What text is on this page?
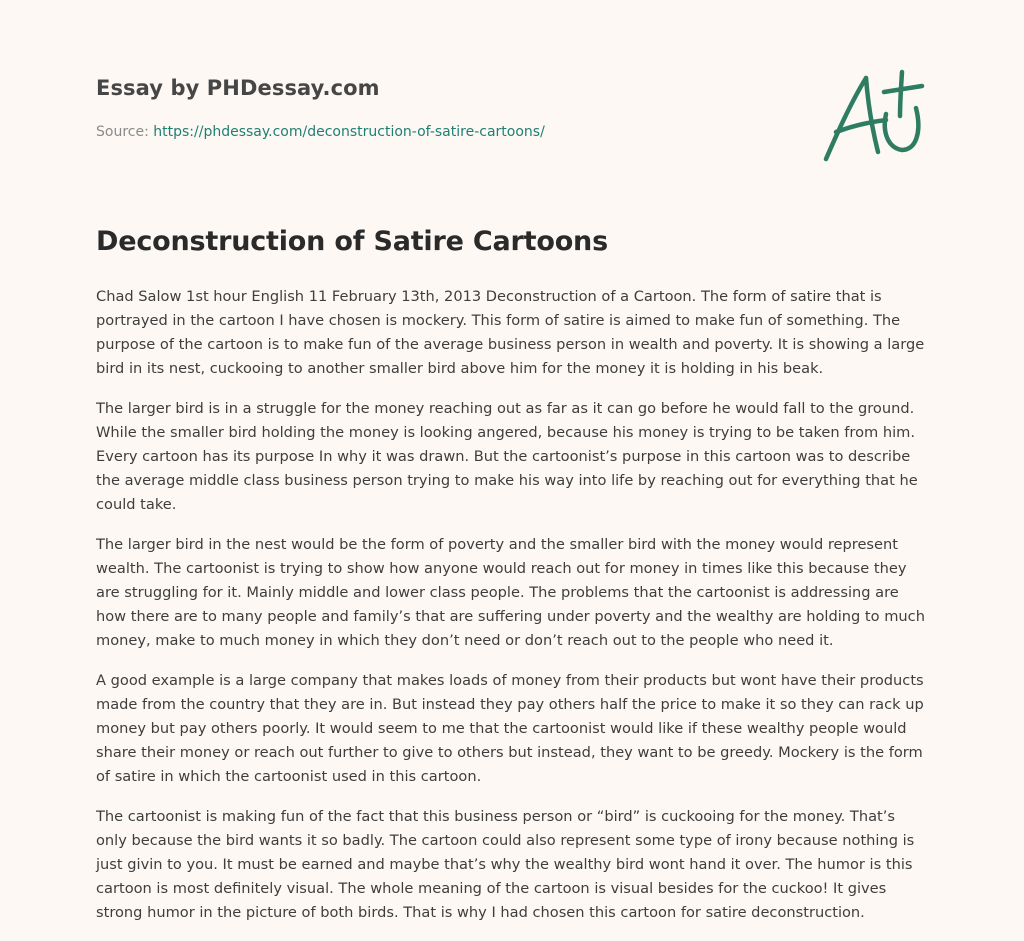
Essay by PHDessay.com
Source: https://phdessay.com/deconstruction-of-satire-cartoons/
Deconstruction of Satire Cartoons

Chad Salow 1st hour English 11 February 13th, 2013 Deconstruction of a Cartoon. The form of satire that is portrayed in the cartoon I have chosen is mockery. This form of satire is aimed to make fun of something. The purpose of the cartoon is to make fun of the average business person in wealth and poverty. It is showing a large bird in its nest, cuckooing to another smaller bird above him for the money it is holding in his beak.

The larger bird is in a struggle for the money reaching out as far as it can go before he would fall to the ground. While the smaller bird holding the money is looking angered, because his money is trying to be taken from him. Every cartoon has its purpose In why it was drawn. But the cartoonist’s purpose in this cartoon was to describe the average middle class business person trying to make his way into life by reaching out for everything that he could take.

The larger bird in the nest would be the form of poverty and the smaller bird with the money would represent wealth. The cartoonist is trying to show how anyone would reach out for money in times like this because they are struggling for it. Mainly middle and lower class people. The problems that the cartoonist is addressing are how there are to many people and family’s that are suffering under poverty and the wealthy are holding to much money, make to much money in which they don’t need or don’t reach out to the people who need it.

A good example is a large company that makes loads of money from their products but wont have their products made from the country that they are in. But instead they pay others half the price to make it so they can rack up money but pay others poorly. It would seem to me that the cartoonist would like if these wealthy people would share their money or reach out further to give to others but instead, they want to be greedy. Mockery is the form of satire in which the cartoonist used in this cartoon.

The cartoonist is making fun of the fact that this business person or “bird” is cuckooing for the money. That’s only because the bird wants it so badly. The cartoon could also represent some type of irony because nothing is just givin to you. It must be earned and maybe that’s why the wealthy bird wont hand it over. The humor is this cartoon is most definitely visual. The whole meaning of the cartoon is visual besides for the cuckoo! It gives strong humor in the picture of both birds. That is why I had chosen this cartoon for satire deconstruction.
